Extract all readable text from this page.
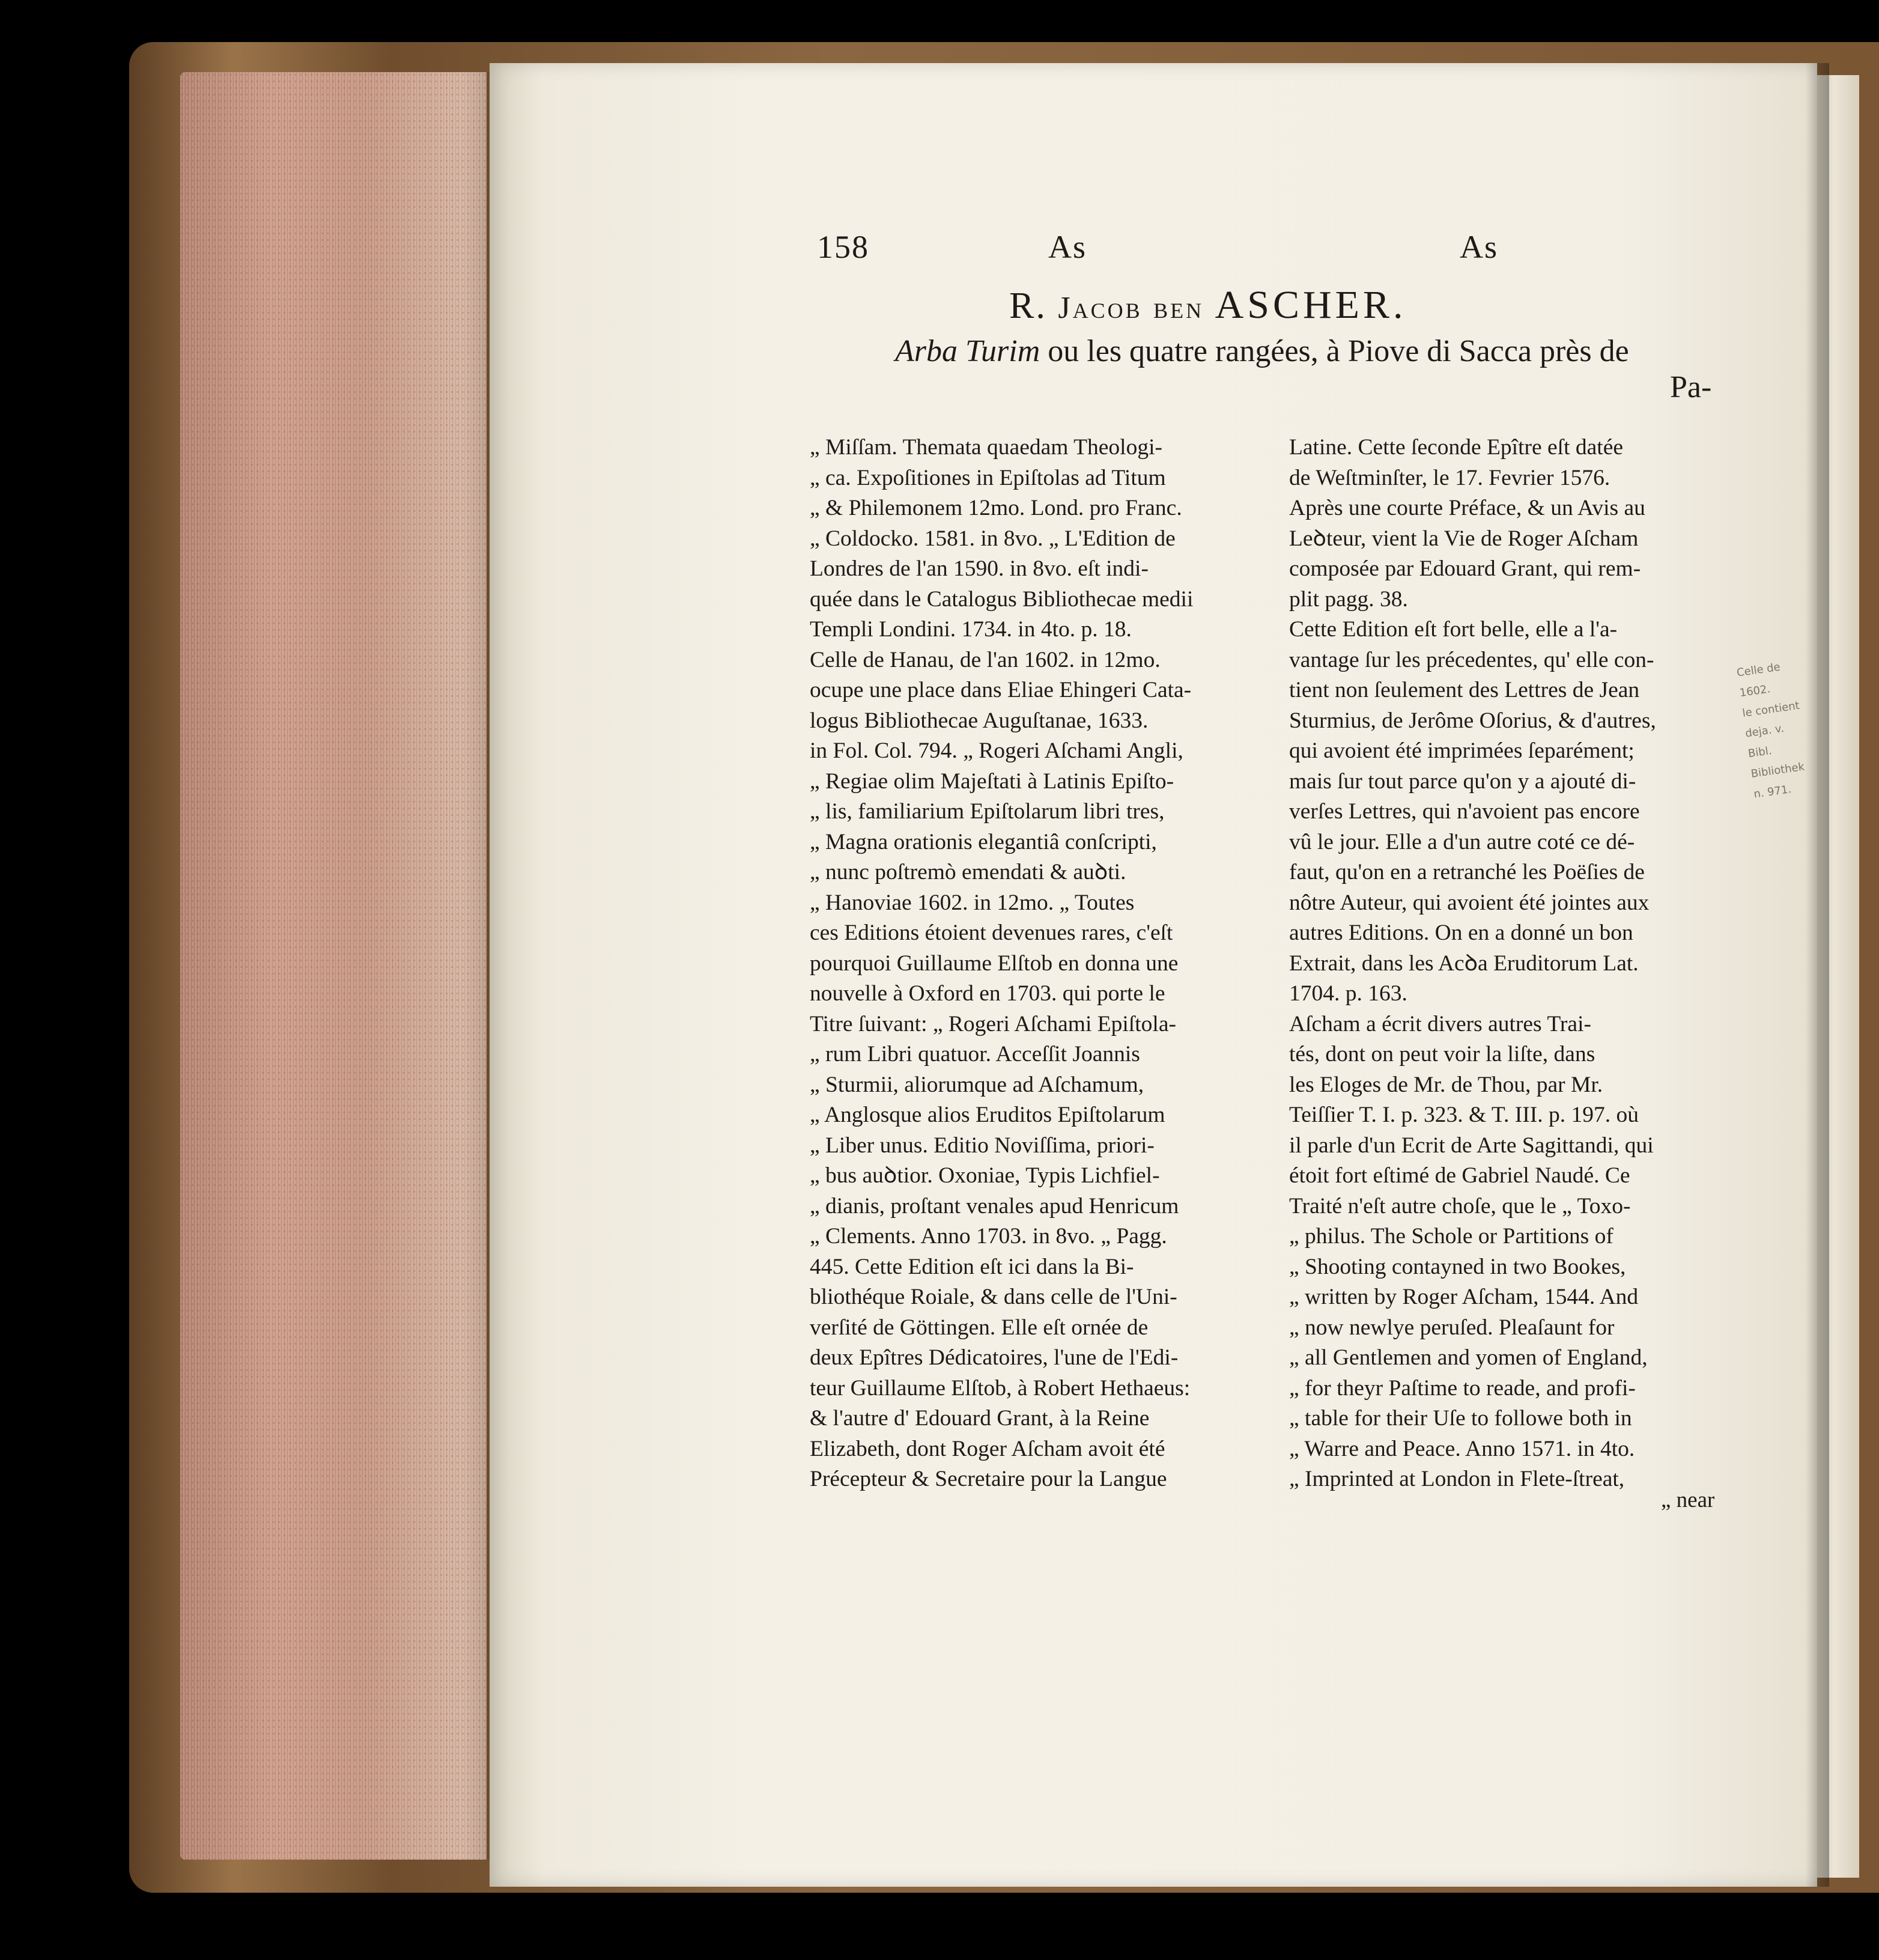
158	As	As
R. Jacob ben ASCHER.
Arba Turim ou les quatre rangées, à Piove di Sacca près de
Pa-
„ Miſſam. Themata quaedam Theologi-
„ ca. Expoſitiones in Epiſtolas ad Titum
„ & Philemonem 12mo. Lond. pro Franc.
„ Coldocko. 1581. in 8vo. „ L'Edition de
Londres de l'an 1590. in 8vo. eſt indi-
quée dans le Catalogus Bibliothecae medii
Templi Londini. 1734. in 4to. p. 18.
Celle de Hanau, de l'an 1602. in 12mo.
ocupe une place dans Eliae Ehingeri Cata-
logus Bibliothecae Auguſtanae, 1633.
in Fol. Col. 794. „ Rogeri Aſchami Angli,
„ Regiae olim Majeſtati à Latinis Epiſto-
„ lis, familiarium Epiſtolarum libri tres,
„ Magna orationis elegantiâ conſcripti,
„ nunc poſtremò emendati & auꝺti.
„ Hanoviae 1602. in 12mo. „ Toutes
ces Editions étoient devenues rares, c'eſt
pourquoi Guillaume Elſtob en donna une
nouvelle à Oxford en 1703. qui porte le
Titre ſuivant: „ Rogeri Aſchami Epiſtola-
„ rum Libri quatuor. Acceſſit Joannis
„ Sturmii, aliorumque ad Aſchamum,
„ Anglosque alios Eruditos Epiſtolarum
„ Liber unus. Editio Noviſſima, priori-
„ bus auꝺtior. Oxoniae, Typis Lichfiel-
„ dianis, proſtant venales apud Henricum
„ Clements. Anno 1703. in 8vo. „ Pagg.
445. Cette Edition eſt ici dans la Bi-
bliothéque Roiale, & dans celle de l'Uni-
verſité de Göttingen. Elle eſt ornée de
deux Epîtres Dédicatoires, l'une de l'Edi-
teur Guillaume Elſtob, à Robert Hethaeus:
& l'autre d' Edouard Grant, à la Reine
Elizabeth, dont Roger Aſcham avoit été
Précepteur & Secretaire pour la Langue
Latine. Cette ſeconde Epître eſt datée
de Weſtminſter, le 17. Fevrier 1576.
Après une courte Préface, & un Avis au
Leꝺteur, vient la Vie de Roger Aſcham
composée par Edouard Grant, qui rem-
plit pagg. 38.
Cette Edition eſt fort belle, elle a l'a-
vantage ſur les précedentes, qu' elle con-
tient non ſeulement des Lettres de Jean
Sturmius, de Jerôme Oſorius, & d'autres,
qui avoient été imprimées ſeparément;
mais ſur tout parce qu'on y a ajouté di-
verſes Lettres, qui n'avoient pas encore
vû le jour. Elle a d'un autre coté ce dé-
faut, qu'on en a retranché les Poëſies de
nôtre Auteur, qui avoient été jointes aux
autres Editions. On en a donné un bon
Extrait, dans les Acꝺa Eruditorum Lat.
1704. p. 163.
Aſcham a écrit divers autres Trai-
tés, dont on peut voir la liſte, dans
les Eloges de Mr. de Thou, par Mr.
Teiſſier T. I. p. 323. & T. III. p. 197. où
il parle d'un Ecrit de Arte Sagittandi, qui
étoit fort eſtimé de Gabriel Naudé. Ce
Traité n'eſt autre choſe, que le „ Toxo-
„ philus. The Schole or Partitions of
„ Shooting contayned in two Bookes,
„ written by Roger Aſcham, 1544. And
„ now newlye peruſed. Pleaſaunt for
„ all Gentlemen and yomen of England,
„ for theyr Paſtime to reade, and profi-
„ table for their Uſe to followe both in
„ Warre and Peace. Anno 1571. in 4to.
„ Imprinted at London in Flete-ſtreat,
„ near
Celle de 1602.
le contient
deja. v. Bibl.
Bibliothek
n. 971.
